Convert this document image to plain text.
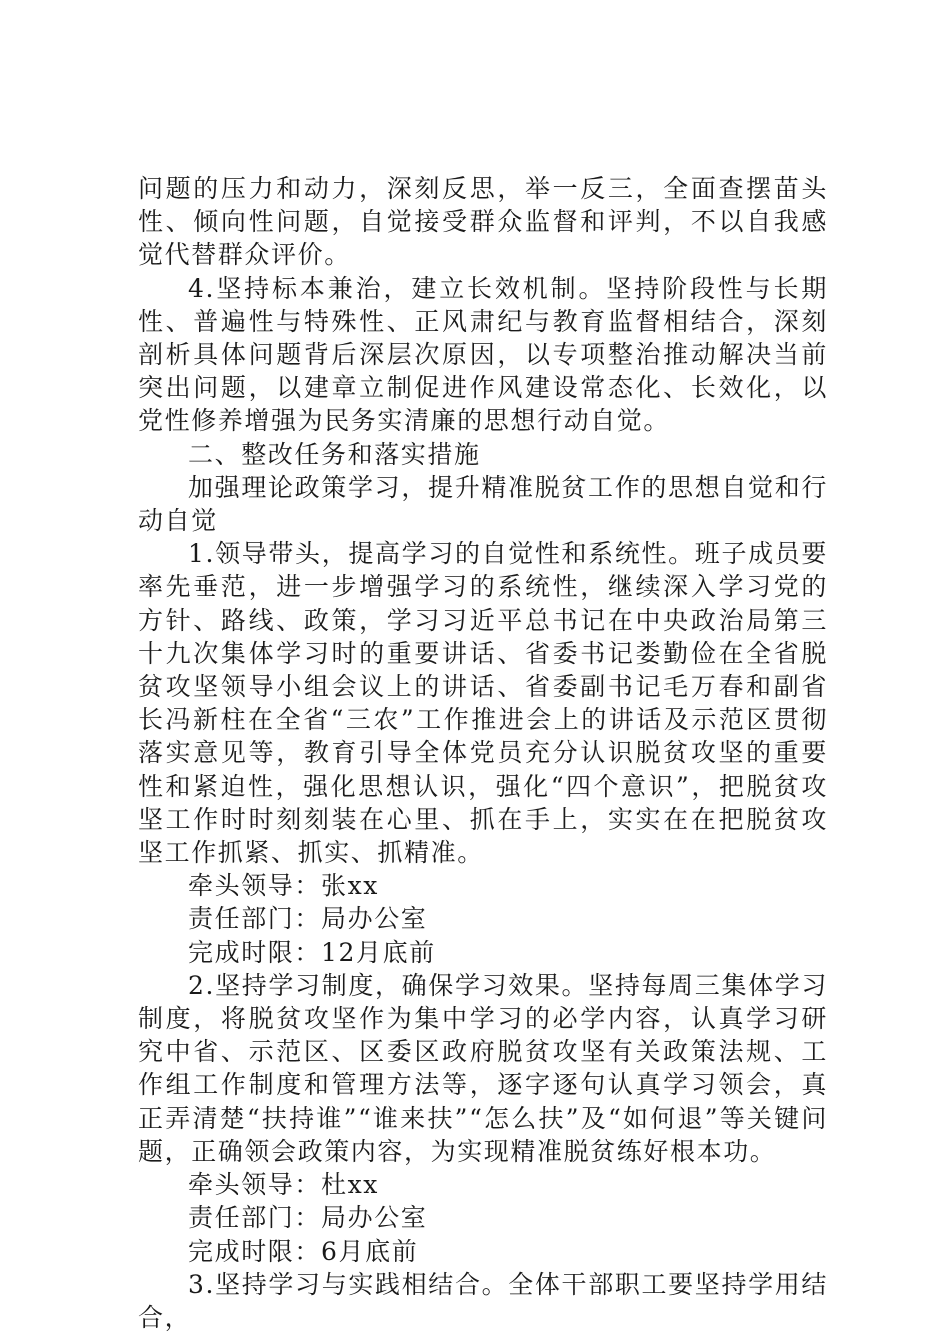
问题的压力和动力，深刻反思，举一反三，全面查摆苗头性、倾向性问题，自觉接受群众监督和评判，不以自我感觉代替群众评价。

4.坚持标本兼治，建立长效机制。坚持阶段性与长期性、普遍性与特殊性、正风肃纪与教育监督相结合，深刻剖析具体问题背后深层次原因，以专项整治推动解决当前突出问题，以建章立制促进作风建设常态化、长效化，以党性修养增强为民务实清廉的思想行动自觉。

二、整改任务和落实措施

加强理论政策学习，提升精准脱贫工作的思想自觉和行动自觉

1.领导带头，提高学习的自觉性和系统性。班子成员要率先垂范，进一步增强学习的系统性，继续深入学习党的方针、路线、政策，学习习近平总书记在中央政治局第三十九次集体学习时的重要讲话、省委书记娄勤俭在全省脱贫攻坚领导小组会议上的讲话、省委副书记毛万春和副省长冯新柱在全省“三农”工作推进会上的讲话及示范区贯彻落实意见等，教育引导全体党员充分认识脱贫攻坚的重要性和紧迫性，强化思想认识，强化“四个意识”，把脱贫攻坚工作时时刻刻装在心里、抓在手上，实实在在把脱贫攻坚工作抓紧、抓实、抓精准。

牵头领导：张xx

责任部门：局办公室

完成时限：12月底前

2.坚持学习制度，确保学习效果。坚持每周三集体学习制度，将脱贫攻坚作为集中学习的必学内容，认真学习研究中省、示范区、区委区政府脱贫攻坚有关政策法规、工作组工作制度和管理方法等，逐字逐句认真学习领会，真正弄清楚“扶持谁”“谁来扶”“怎么扶”及“如何退”等关键问题，正确领会政策内容，为实现精准脱贫练好根本功。

牵头领导：杜xx

责任部门：局办公室

完成时限：6月底前

3.坚持学习与实践相结合。全体干部职工要坚持学用结合，
